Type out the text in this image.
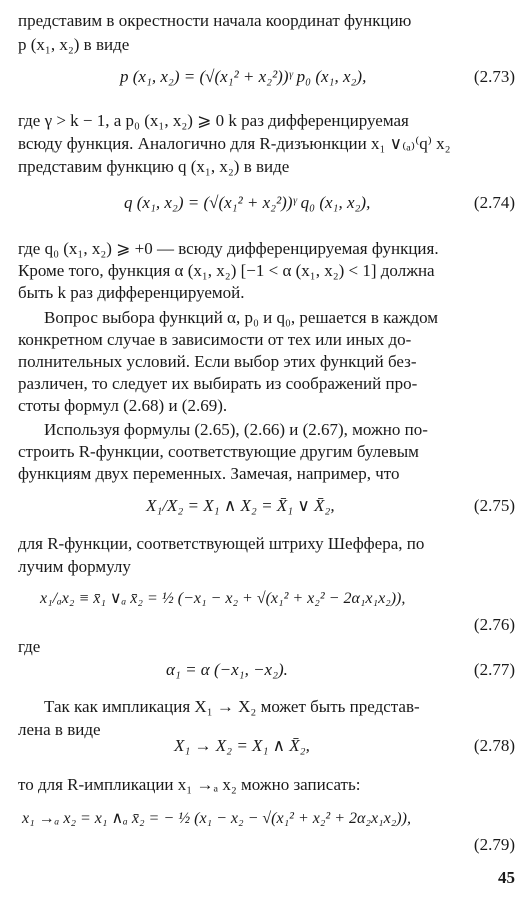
представим в окрестности начала координат функцию
p (x₁, x₂) в виде
p (x₁, x₂) = (√(x₁² + x₂²))ᵞ p₀ (x₁, x₂),	(2.73)
где γ > k − 1, а p₀ (x₁, x₂) ⩾ 0 k раз дифференцируемая
всюду функция. Аналогично для R-дизъюнкции x₁ ∨₍ₐ₎⁽q⁾ x₂
представим функцию q (x₁, x₂) в виде
q (x₁, x₂) = (√(x₁² + x₂²))ᵞ q₀ (x₁, x₂),	(2.74)
где q₀ (x₁, x₂) ⩾ +0 — всюду дифференцируемая функция.
Кроме того, функция α (x₁, x₂) [−1 < α (x₁, x₂) < 1] должна
быть k раз дифференцируемой.
Вопрос выбора функций α, p₀ и q₀, решается в каждом
конкретном случае в зависимости от тех или иных до-
полнительных условий. Если выбор этих функций без-
различен, то следует их выбирать из соображений про-
стоты формул (2.68) и (2.69).
Используя формулы (2.65), (2.66) и (2.67), можно по-
строить R-функции, соответствующие другим булевым
функциям двух переменных. Замечая, например, что
X₁/X₂ = X₁ ∧ X₂ = X̄₁ ∨ X̄₂,	(2.75)
для R-функции, соответствующей штриху Шеффера, по
лучим формулу
x₁/ₐx₂ ≡ x̄₁ ∨ₐ x̄₂ = ½ (−x₁ − x₂ + √(x₁² + x₂² − 2α₁x₁x₂)),
(2.76)
где
α₁ = α (−x₁, −x₂).	(2.77)
Так как импликация X₁ → X₂ может быть представ-
лена в виде
X₁ → X₂ = X₁ ∧ X̄₂,	(2.78)
то для R-импликации x₁ →ₐ x₂ можно записать:
x₁ →ₐ x₂ = x₁ ∧ₐ x̄₂ = − ½ (x₁ − x₂ − √(x₁² + x₂² + 2α₂x₁x₂)),
(2.79)
45
